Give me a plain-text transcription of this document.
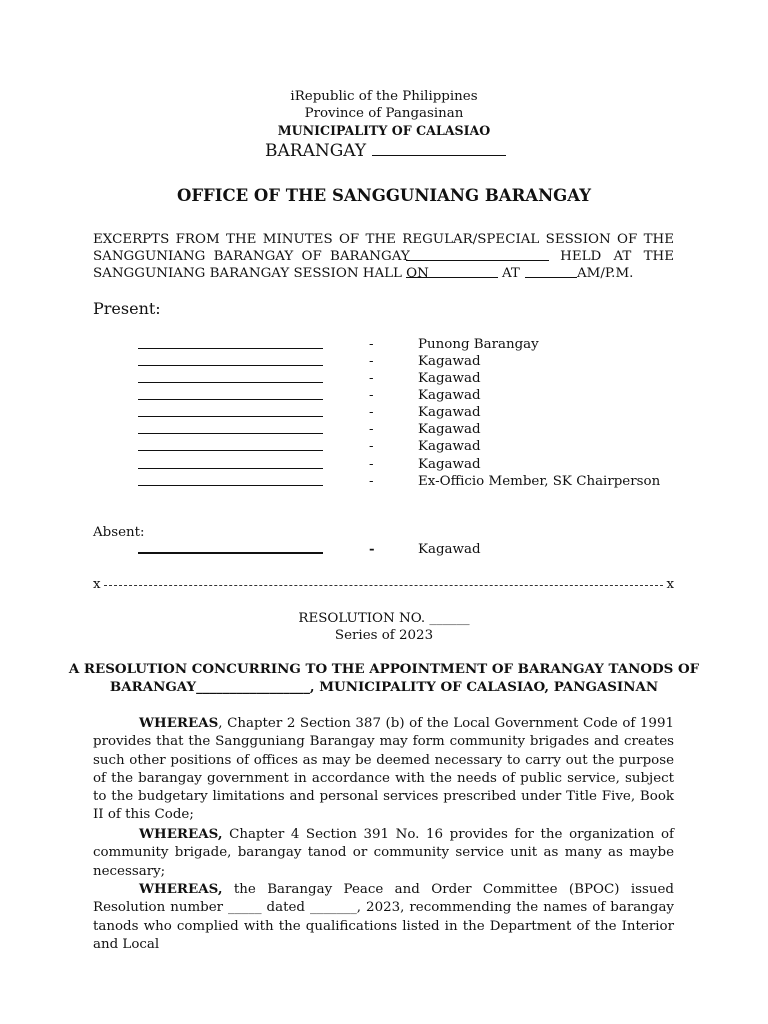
iRepublic of the Philippines
Province of Pangasinan
MUNICIPALITY OF CALASIAO
BARANGAY
OFFICE OF THE SANGGUNIANG BARANGAY
EXCERPTS FROM THE MINUTES OF THE REGULAR/SPECIAL SESSION OF THE
SANGGUNIANG BARANGAY OF BARANGAY	HELD AT THE
SANGGUNIANG BARANGAY SESSION HALL ON	AT	AM/P.M.
Present:
-	Punong Barangay
-	Kagawad
-	Kagawad
-	Kagawad
-	Kagawad
-	Kagawad
-	Kagawad
-	Kagawad
-	Ex-Officio Member, SK Chairperson
Absent:
-	Kagawad
x	x
RESOLUTION NO. ______
Series of 2023
A RESOLUTION CONCURRING TO THE APPOINTMENT OF BARANGAY TANODS OF
BARANGAY_________________, MUNICIPALITY OF CALASIAO, PANGASINAN
WHEREAS, Chapter 2 Section 387 (b) of the Local Government Code of 1991 provides that the Sangguniang Barangay may form community brigades and creates such other positions of offices as may be deemed necessary to carry out the purpose of the barangay government in accordance with the needs of public service, subject to the budgetary limitations and personal services prescribed under Title Five, Book II of this Code;
WHEREAS, Chapter 4 Section 391 No. 16 provides for the organization of community brigade, barangay tanod or community service unit as many as maybe necessary;
WHEREAS, the Barangay Peace and Order Committee (BPOC) issued Resolution number _____ dated _______, 2023, recommending the names of barangay tanods who complied with the qualifications listed in the Department of the Interior and Local
